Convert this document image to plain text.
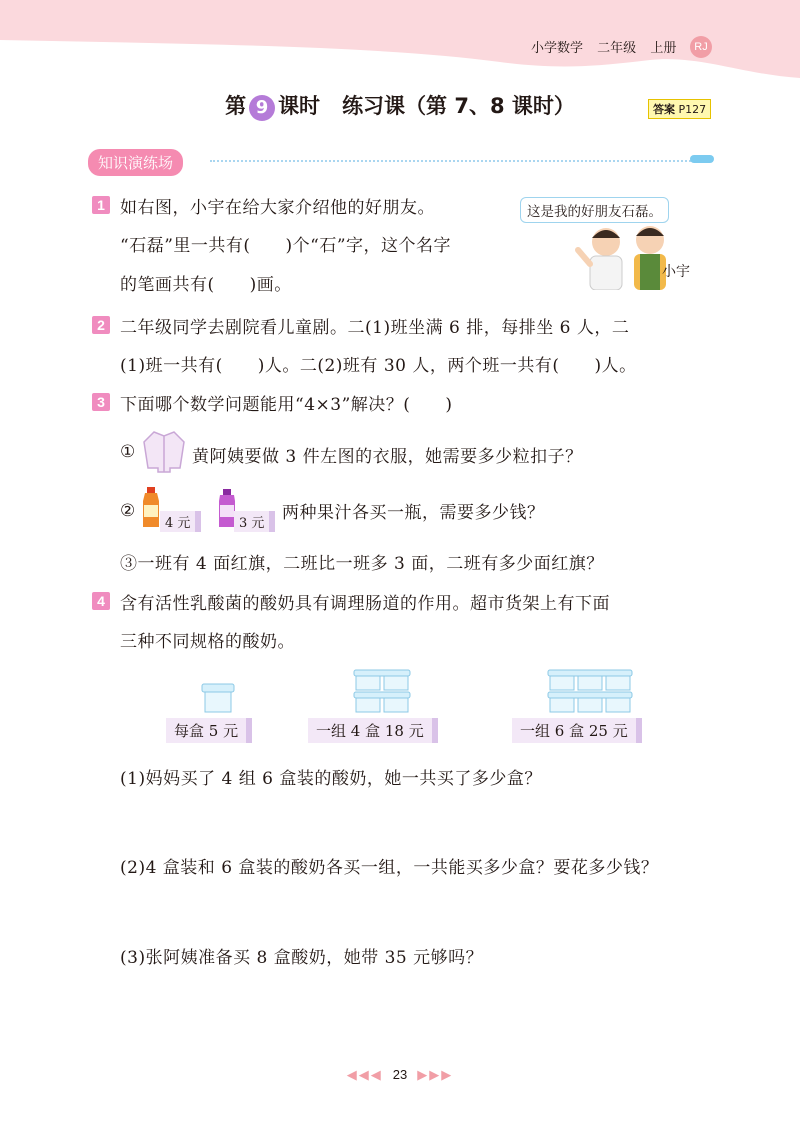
小学数学 二年级 上册	RJ
第 9 课时 练习课（第 7、8 课时）	答案 P127
知识演练场
1 如右图，小宇在给大家介绍他的好朋友。
“石磊”里一共有(　　)个“石”字，这个名字
的笔画共有(　　)画。
这是我的好朋友石磊。
小宇
2 二年级同学去剧院看儿童剧。二(1)班坐满 6 排，每排坐 6 人，二
(1)班一共有(　　)人。二(2)班有 30 人，两个班一共有(　　)人。
3 下面哪个数学问题能用“4×3”解决？(　　)
①	黄阿姨要做 3 件左图的衣服，她需要多少粒扣子？
②
4 元	3 元
两种果汁各买一瓶，需要多少钱？
③一班有 4 面红旗，二班比一班多 3 面，二班有多少面红旗？
4 含有活性乳酸菌的酸奶具有调理肠道的作用。超市货架上有下面
三种不同规格的酸奶。
每盒 5 元	一组 4 盒 18 元	一组 6 盒 25 元
(1)妈妈买了 4 组 6 盒装的酸奶，她一共买了多少盒？
(2)4 盒装和 6 盒装的酸奶各买一组，一共能买多少盒？要花多少钱？
(3)张阿姨准备买 8 盒酸奶，她带 35 元够吗？
◀◀◀ 23 ▶▶▶
